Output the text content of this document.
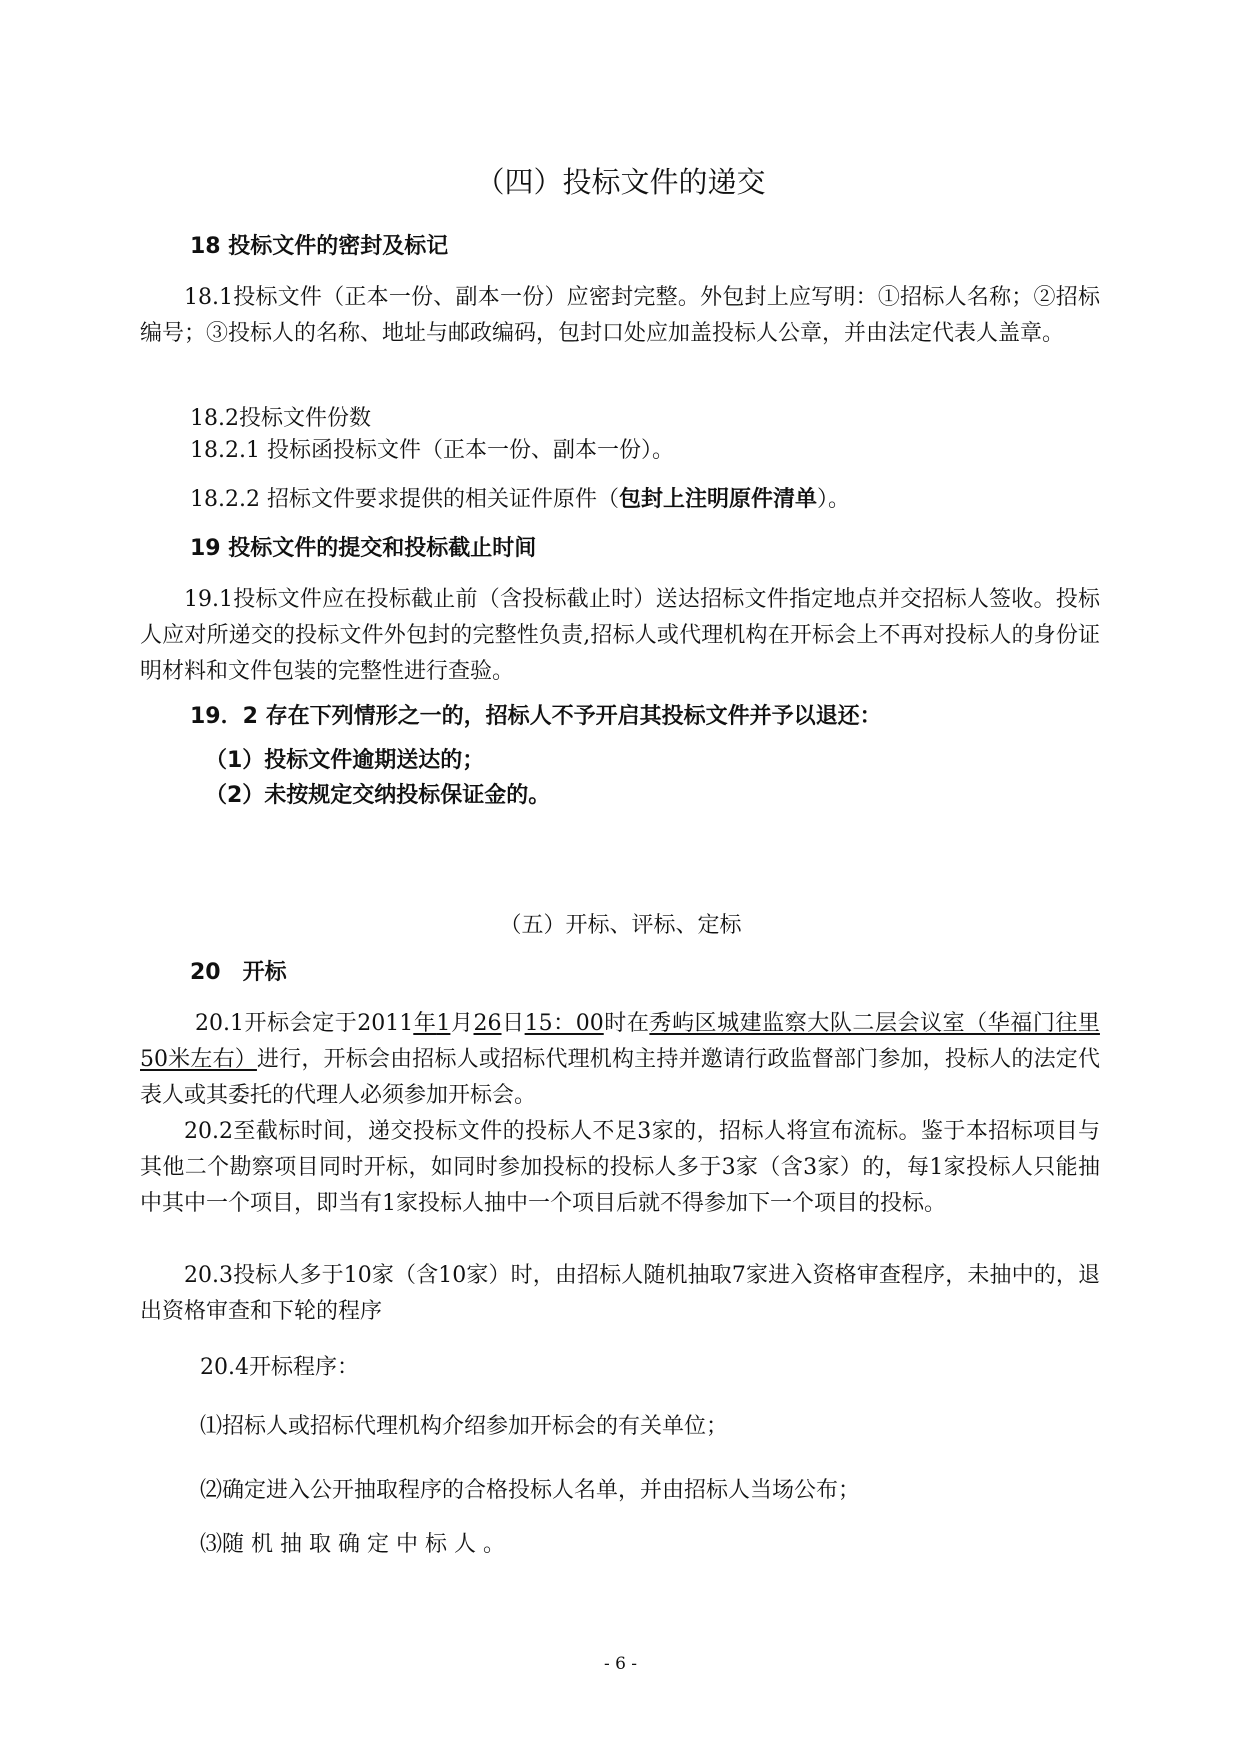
（四）投标文件的递交
18 投标文件的密封及标记
18.1投标文件（正本一份、副本一份）应密封完整。外包封上应写明：①招标人名称；②招标编号；③投标人的名称、地址与邮政编码，包封口处应加盖投标人公章，并由法定代表人盖章。
18.2投标文件份数
18.2.1 投标函投标文件（正本一份、副本一份）。
18.2.2 招标文件要求提供的相关证件原件（包封上注明原件清单）。
19 投标文件的提交和投标截止时间
19.1投标文件应在投标截止前（含投标截止时）送达招标文件指定地点并交招标人签收。投标人应对所递交的投标文件外包封的完整性负责,招标人或代理机构在开标会上不再对投标人的身份证明材料和文件包装的完整性进行查验。
19．2 存在下列情形之一的，招标人不予开启其投标文件并予以退还：
（1）投标文件逾期送达的；
（2）未按规定交纳投标保证金的。
（五）开标、评标、定标
20　开标
20.1开标会定于2011年1月26日15：00时在秀屿区城建监察大队二层会议室（华福门往里50米左右）进行，开标会由招标人或招标代理机构主持并邀请行政监督部门参加，投标人的法定代表人或其委托的代理人必须参加开标会。
20.2至截标时间，递交投标文件的投标人不足3家的，招标人将宣布流标。鉴于本招标项目与其他二个勘察项目同时开标，如同时参加投标的投标人多于3家（含3家）的，每1家投标人只能抽中其中一个项目，即当有1家投标人抽中一个项目后就不得参加下一个项目的投标。
20.3投标人多于10家（含10家）时，由招标人随机抽取7家进入资格审查程序，未抽中的，退出资格审查和下轮的程序
20.4开标程序：
⑴招标人或招标代理机构介绍参加开标会的有关单位；
⑵确定进入公开抽取程序的合格投标人名单，并由招标人当场公布；
⑶随 机 抽 取 确 定 中 标 人 。
- 6 -
